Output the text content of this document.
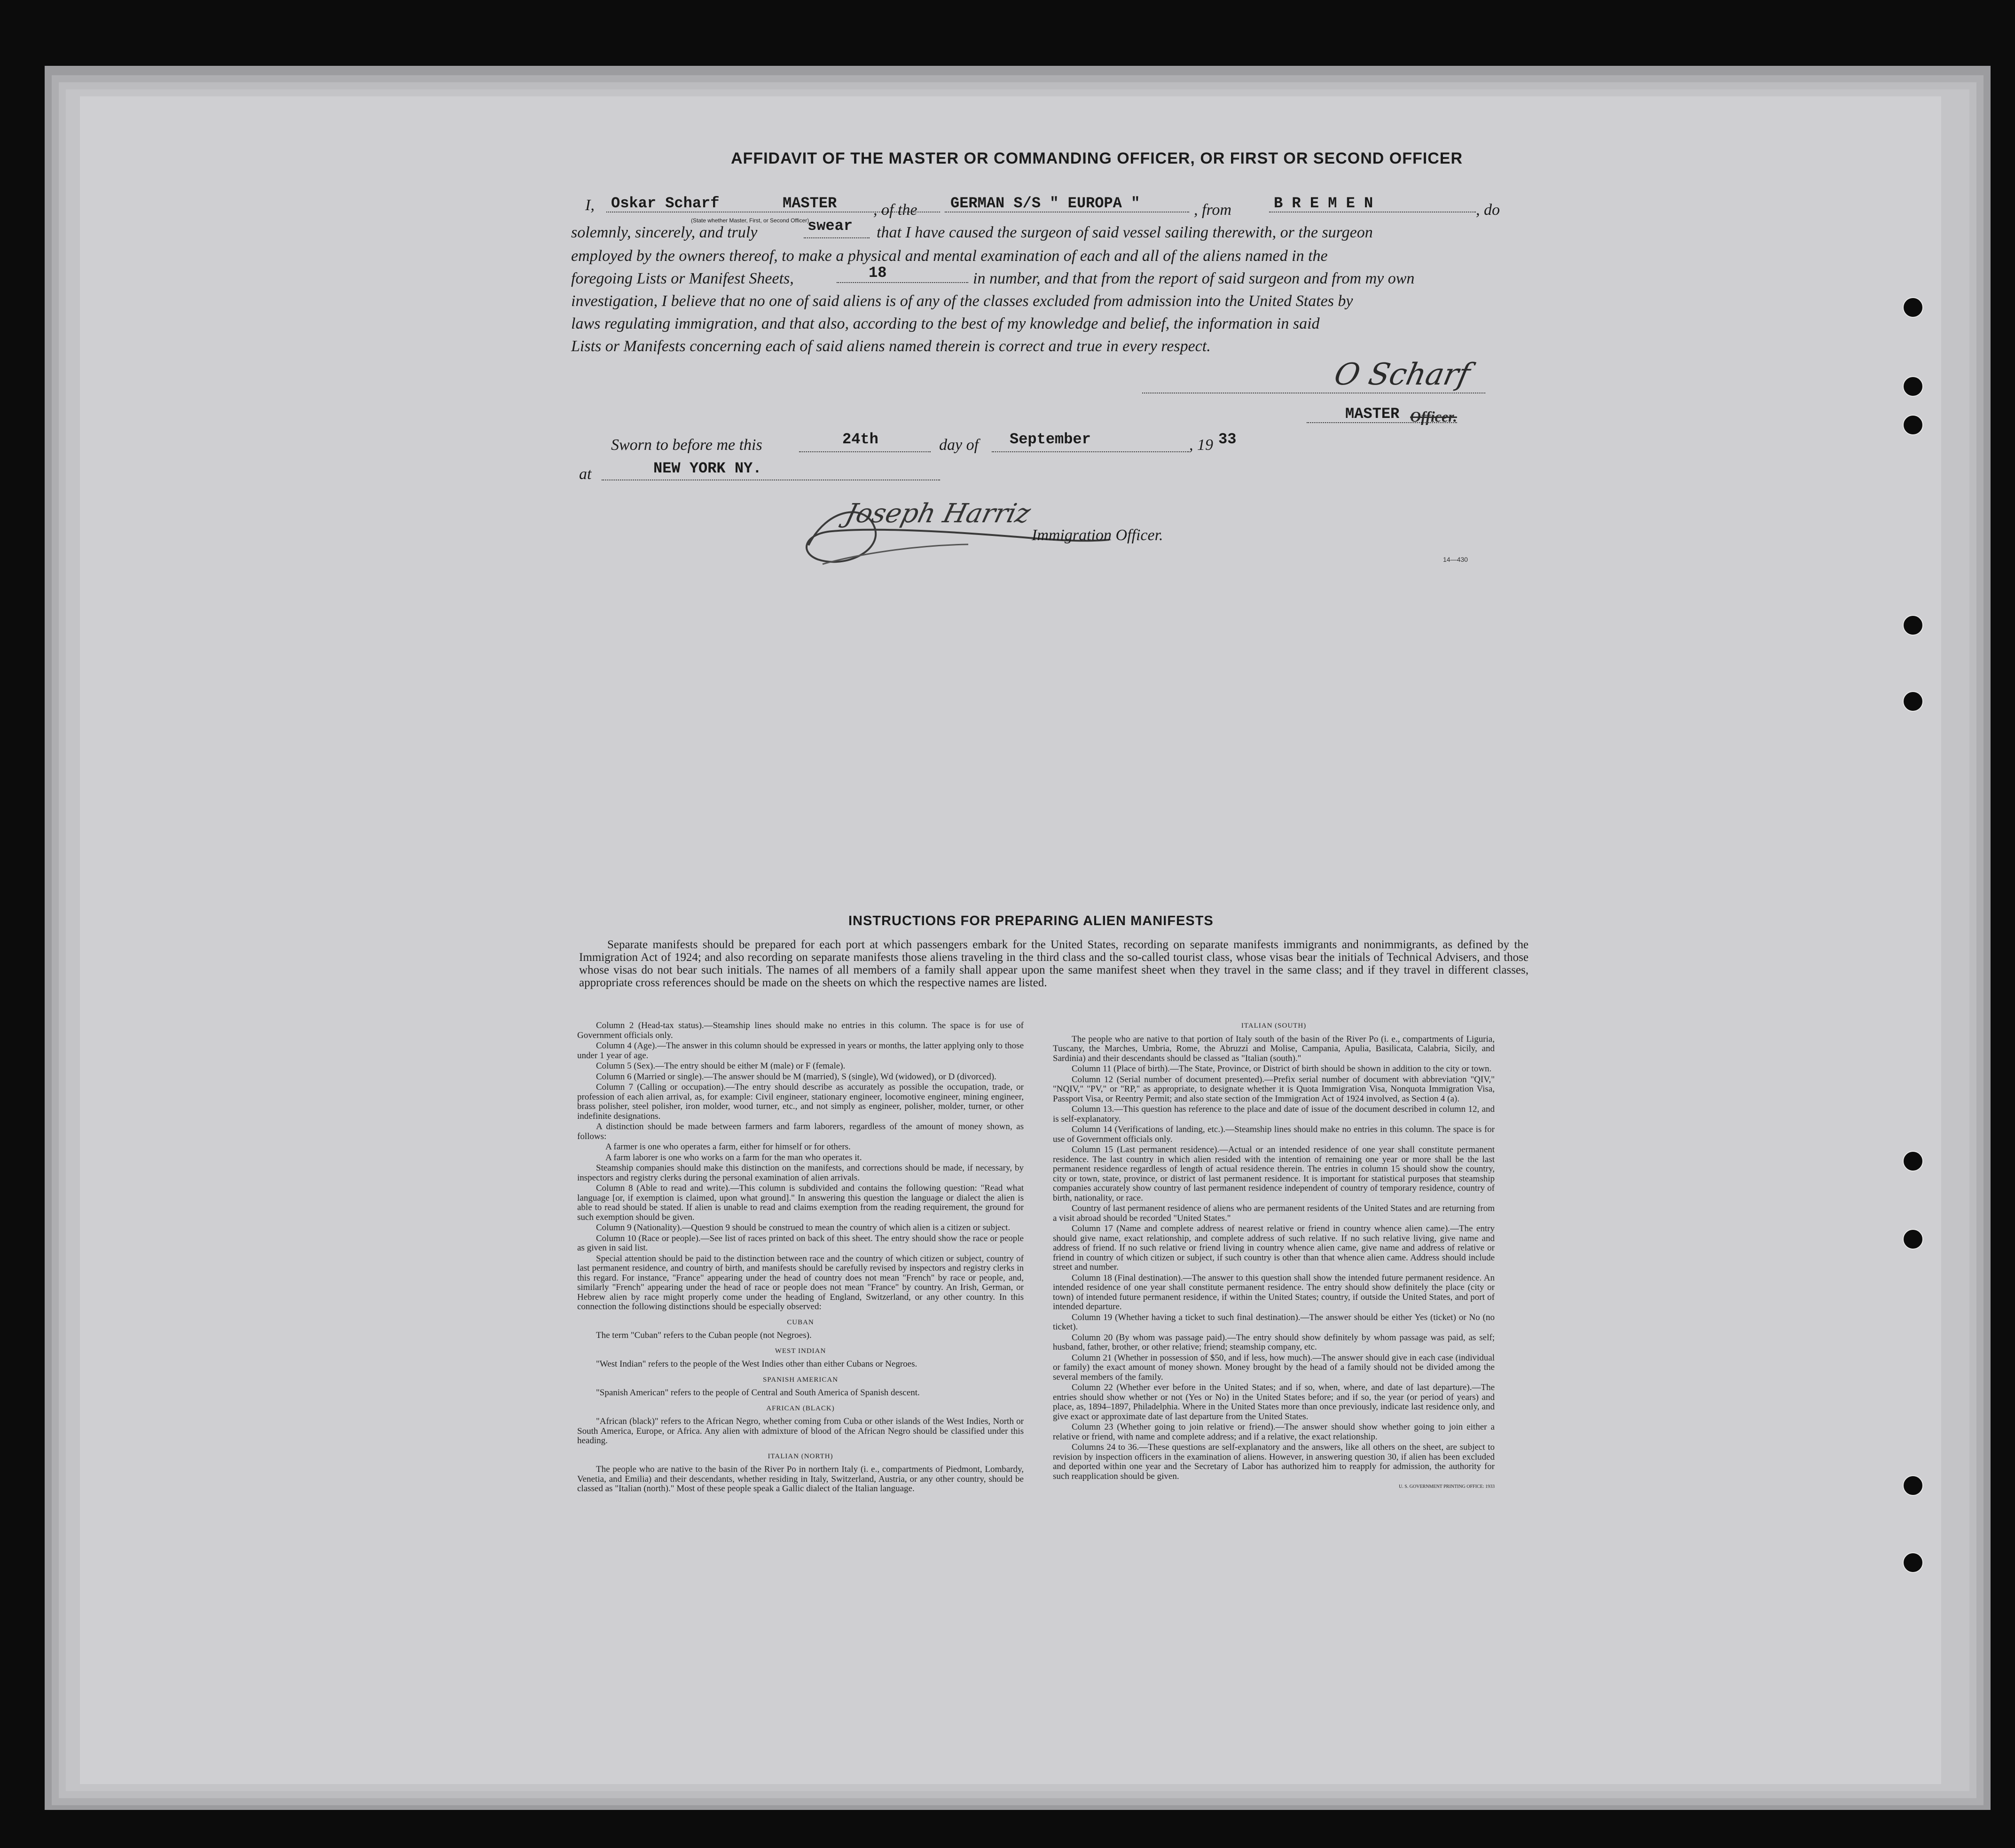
AFFIDAVIT OF THE MASTER OR COMMANDING OFFICER, OR FIRST OR SECOND OFFICER
I, Oskar Scharf	MASTER , of the GERMAN S/S " EUROPA "	, from	B R E M E N	, do
(State whether Master, First, or Second Officer)
solemnly, sincerely, and truly	swear that I have caused the surgeon of said vessel sailing therewith, or the surgeon
employed by the owners thereof, to make a physical and mental examination of each and all of the aliens named in the
foregoing Lists or Manifest Sheets,	18	in number, and that from the report of said surgeon and from my own
investigation, I believe that no one of said aliens is of any of the classes excluded from admission into the United States by
laws regulating immigration, and that also, according to the best of my knowledge and belief, the information in said
Lists or Manifests concerning each of said aliens named therein is correct and true in every respect.
O Scharf
MASTER Officer.
Sworn to before me this	24th	day of September	, 19 33
at	NEW YORK NY.
Joseph Harriz
Immigration Officer.
14—430
INSTRUCTIONS FOR PREPARING ALIEN MANIFESTS
Separate manifests should be prepared for each port at which passengers embark for the United States, recording on separate manifests immigrants and nonimmigrants, as defined by the Immigration Act of 1924; and also recording on separate manifests those aliens traveling in the third class and the so-called tourist class, whose visas bear the initials of Technical Advisers, and those whose visas do not bear such initials. The names of all members of a family shall appear upon the same manifest sheet when they travel in the same class; and if they travel in different classes, appropriate cross references should be made on the sheets on which the respective names are listed.

Column 2 (Head-tax status).—Steamship lines should make no entries in this column. The space is for use of Government officials only.

Column 4 (Age).—The answer in this column should be expressed in years or months, the latter applying only to those under 1 year of age.

Column 5 (Sex).—The entry should be either M (male) or F (female).

Column 6 (Married or single).—The answer should be M (married), S (single), Wd (widowed), or D (divorced).

Column 7 (Calling or occupation).—The entry should describe as accurately as possible the occupation, trade, or profession of each alien arrival, as, for example: Civil engineer, stationary engineer, locomotive engineer, mining engineer, brass polisher, steel polisher, iron molder, wood turner, etc., and not simply as engineer, polisher, molder, turner, or other indefinite designations.

A distinction should be made between farmers and farm laborers, regardless of the amount of money shown, as follows:

A farmer is one who operates a farm, either for himself or for others.

A farm laborer is one who works on a farm for the man who operates it.

Steamship companies should make this distinction on the manifests, and corrections should be made, if necessary, by inspectors and registry clerks during the personal examination of alien arrivals.

Column 8 (Able to read and write).—This column is subdivided and contains the following question: "Read what language [or, if exemption is claimed, upon what ground]." In answering this question the language or dialect the alien is able to read should be stated. If alien is unable to read and claims exemption from the reading requirement, the ground for such exemption should be given.

Column 9 (Nationality).—Question 9 should be construed to mean the country of which alien is a citizen or subject.

Column 10 (Race or people).—See list of races printed on back of this sheet. The entry should show the race or people as given in said list.

Special attention should be paid to the distinction between race and the country of which citizen or subject, country of last permanent residence, and country of birth, and manifests should be carefully revised by inspectors and registry clerks in this regard. For instance, "France" appearing under the head of country does not mean "French" by race or people, and, similarly "French" appearing under the head of race or people does not mean "France" by country. An Irish, German, or Hebrew alien by race might properly come under the heading of England, Switzerland, or any other country. In this connection the following distinctions should be especially observed:

CUBAN

The term "Cuban" refers to the Cuban people (not Negroes).

WEST INDIAN

"West Indian" refers to the people of the West Indies other than either Cubans or Negroes.

SPANISH AMERICAN

"Spanish American" refers to the people of Central and South America of Spanish descent.

AFRICAN (BLACK)

"African (black)" refers to the African Negro, whether coming from Cuba or other islands of the West Indies, North or South America, Europe, or Africa. Any alien with admixture of blood of the African Negro should be classified under this heading.

ITALIAN (NORTH)

The people who are native to the basin of the River Po in northern Italy (i. e., compartments of Piedmont, Lombardy, Venetia, and Emilia) and their descendants, whether residing in Italy, Switzerland, Austria, or any other country, should be classed as "Italian (north)." Most of these people speak a Gallic dialect of the Italian language.

ITALIAN (SOUTH)

The people who are native to that portion of Italy south of the basin of the River Po (i. e., compartments of Liguria, Tuscany, the Marches, Umbria, Rome, the Abruzzi and Molise, Campania, Apulia, Basilicata, Calabria, Sicily, and Sardinia) and their descendants should be classed as "Italian (south)."

Column 11 (Place of birth).—The State, Province, or District of birth should be shown in addition to the city or town.

Column 12 (Serial number of document presented).—Prefix serial number of document with abbreviation "QIV," "NQIV," "PV," or "RP," as appropriate, to designate whether it is Quota Immigration Visa, Nonquota Immigration Visa, Passport Visa, or Reentry Permit; and also state section of the Immigration Act of 1924 involved, as Section 4 (a).

Column 13.—This question has reference to the place and date of issue of the document described in column 12, and is self-explanatory.

Column 14 (Verifications of landing, etc.).—Steamship lines should make no entries in this column. The space is for use of Government officials only.

Column 15 (Last permanent residence).—Actual or an intended residence of one year shall constitute permanent residence. The last country in which alien resided with the intention of remaining one year or more shall be the last permanent residence regardless of length of actual residence therein. The entries in column 15 should show the country, city or town, state, province, or district of last permanent residence. It is important for statistical purposes that steamship companies accurately show country of last permanent residence independent of country of temporary residence, country of birth, nationality, or race.

Country of last permanent residence of aliens who are permanent residents of the United States and are returning from a visit abroad should be recorded "United States."

Column 17 (Name and complete address of nearest relative or friend in country whence alien came).—The entry should give name, exact relationship, and complete address of such relative. If no such relative living, give name and address of friend. If no such relative or friend living in country whence alien came, give name and address of relative or friend in country of which citizen or subject, if such country is other than that whence alien came. Address should include street and number.

Column 18 (Final destination).—The answer to this question shall show the intended future permanent residence. An intended residence of one year shall constitute permanent residence. The entry should show definitely the place (city or town) of intended future permanent residence, if within the United States; country, if outside the United States, and port of intended departure.

Column 19 (Whether having a ticket to such final destination).—The answer should be either Yes (ticket) or No (no ticket).

Column 20 (By whom was passage paid).—The entry should show definitely by whom passage was paid, as self; husband, father, brother, or other relative; friend; steamship company, etc.

Column 21 (Whether in possession of $50, and if less, how much).—The answer should give in each case (individual or family) the exact amount of money shown. Money brought by the head of a family should not be divided among the several members of the family.

Column 22 (Whether ever before in the United States; and if so, when, where, and date of last departure).—The entries should show whether or not (Yes or No) in the United States before; and if so, the year (or period of years) and place, as, 1894–1897, Philadelphia. Where in the United States more than once previously, indicate last residence only, and give exact or approximate date of last departure from the United States.

Column 23 (Whether going to join relative or friend).—The answer should show whether going to join either a relative or friend, with name and complete address; and if a relative, the exact relationship.

Columns 24 to 36.—These questions are self-explanatory and the answers, like all others on the sheet, are subject to revision by inspection officers in the examination of aliens. However, in answering question 30, if alien has been excluded and deported within one year and the Secretary of Labor has authorized him to reapply for admission, the authority for such reapplication should be given.

U. S. GOVERNMENT PRINTING OFFICE: 1933
